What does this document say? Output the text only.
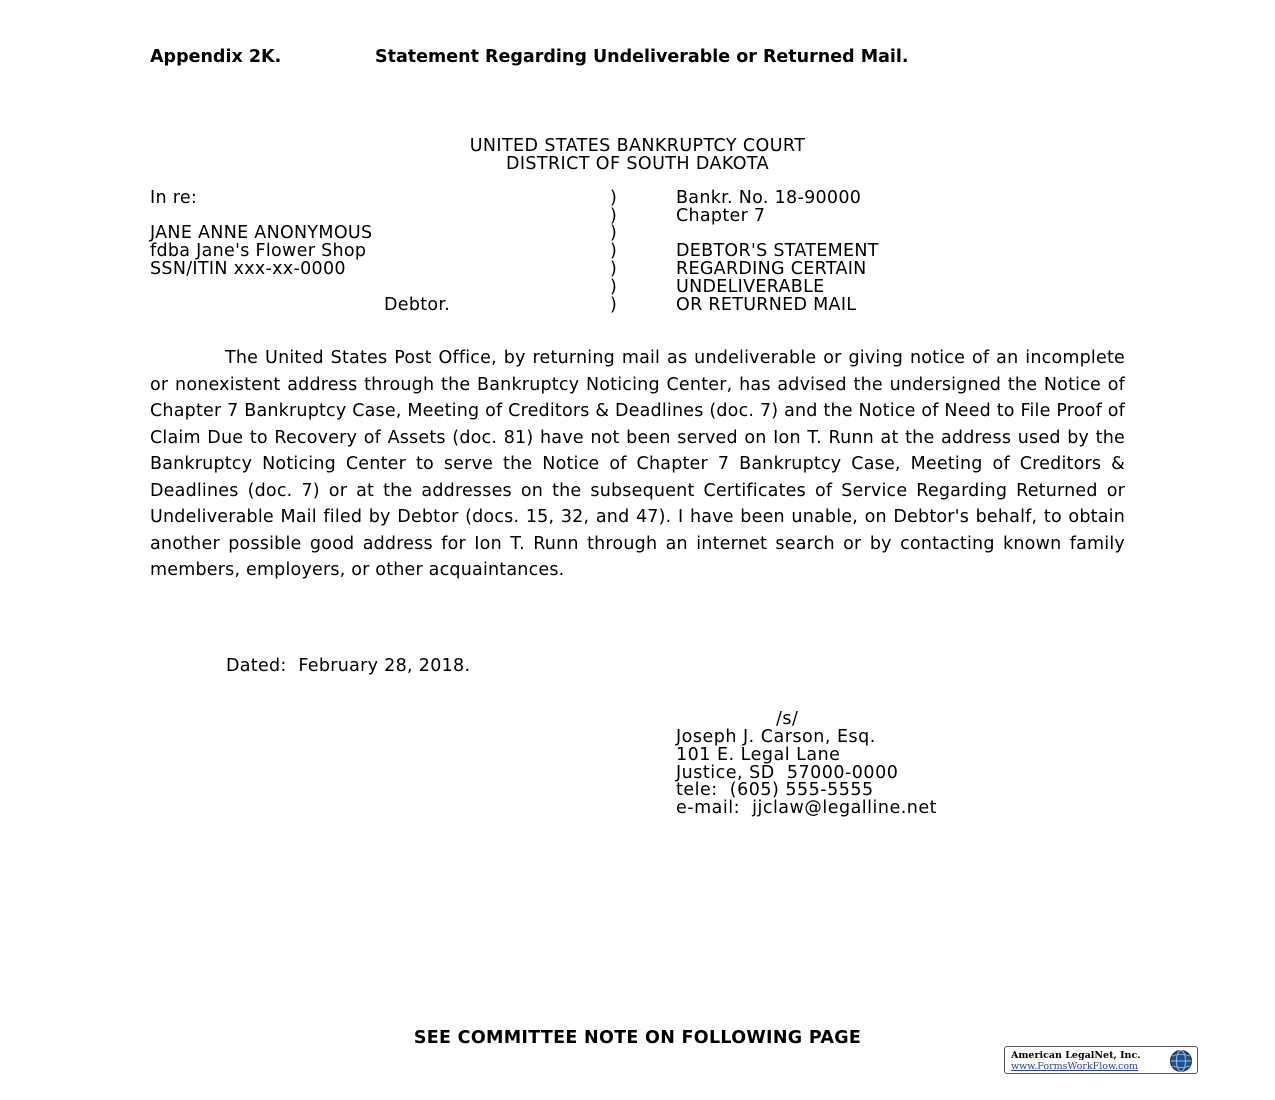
Appendix 2K.	Statement Regarding Undeliverable or Returned Mail.
UNITED STATES BANKRUPTCY COURT
DISTRICT OF SOUTH DAKOTA
In re:
JANE ANNE ANONYMOUS
fdba Jane's Flower Shop
SSN/ITIN xxx-xx-0000
Debtor.
)
)
)
)
)
)
)
Bankr. No. 18-90000
Chapter 7
DEBTOR'S STATEMENT
REGARDING CERTAIN
UNDELIVERABLE
OR RETURNED MAIL
The United States Post Office, by returning mail as undeliverable or giving notice of an incomplete or nonexistent address through the Bankruptcy Noticing Center, has advised the undersigned the Notice of Chapter 7 Bankruptcy Case, Meeting of Creditors & Deadlines (doc. 7) and the Notice of Need to File Proof of Claim Due to Recovery of Assets (doc. 81) have not been served on Ion T. Runn at the address used by the Bankruptcy Noticing Center to serve the Notice of Chapter 7 Bankruptcy Case, Meeting of Creditors & Deadlines (doc. 7) or at the addresses on the subsequent Certificates of Service Regarding Returned or Undeliverable Mail filed by Debtor (docs. 15, 32, and 47). I have been unable, on Debtor's behalf, to obtain another possible good address for Ion T. Runn through an internet search or by contacting known family members, employers, or other acquaintances.
Dated:  February 28, 2018.
/s/
Joseph J. Carson, Esq.
101 E. Legal Lane
Justice, SD  57000-0000
tele:  (605) 555-5555
e-mail:  jjclaw@legalline.net
SEE COMMITTEE NOTE ON FOLLOWING PAGE
American LegalNet, Inc.
www.FormsWorkFlow.com
